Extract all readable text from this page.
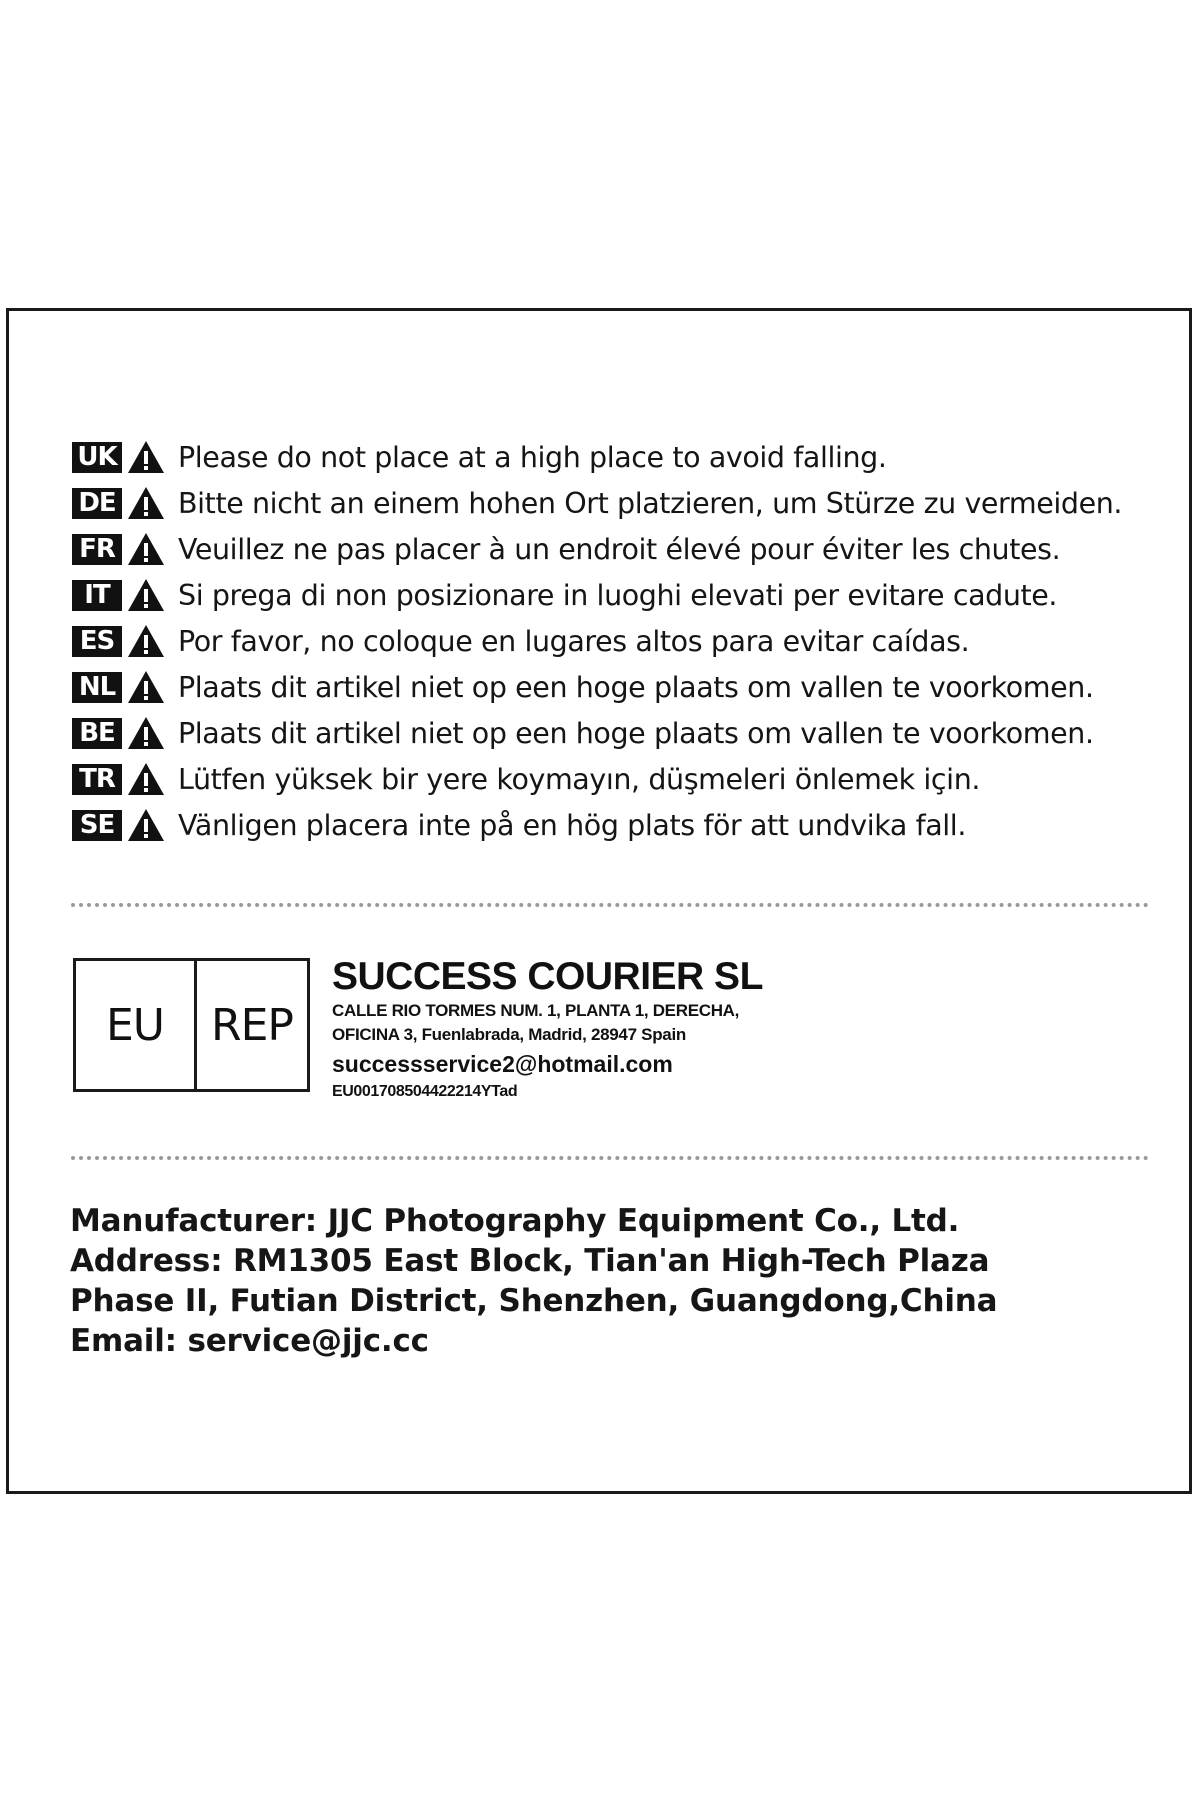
UK Please do not place at a high place to avoid falling.
DE Bitte nicht an einem hohen Ort platzieren, um Stürze zu vermeiden.
FR Veuillez ne pas placer à un endroit élevé pour éviter les chutes.
IT	Si prega di non posizionare in luoghi elevati per evitare cadute.
ES Por favor, no coloque en lugares altos para evitar caídas.
NL Plaats dit artikel niet op een hoge plaats om vallen te voorkomen.
BE Plaats dit artikel niet op een hoge plaats om vallen te voorkomen.
TR Lütfen yüksek bir yere koymayın, düşmeleri önlemek için.
SE Vänligen placera inte på en hög plats för att undvika fall.
EU	REP
SUCCESS COURIER SL
CALLE RIO TORMES NUM. 1, PLANTA 1, DERECHA,
OFICINA 3, Fuenlabrada, Madrid, 28947 Spain
successservice2@hotmail.com
EU001708504422214YTad
Manufacturer: JJC Photography Equipment Co., Ltd.
Address: RM1305 East Block, Tian'an High-Tech Plaza
Phase II, Futian District, Shenzhen, Guangdong,China
Email: service@jjc.cc
